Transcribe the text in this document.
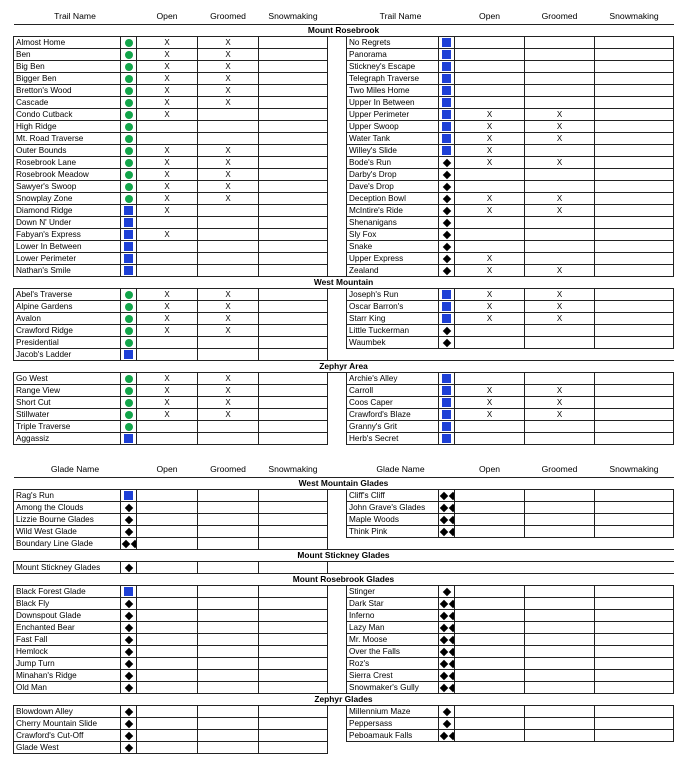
Trail Name		Open	Groomed	Snowmaking		Trail Name		Open	Groomed	Snowmaking
Mount Rosebrook										
Almost Home		X	X			No Regrets				
Ben		X	X			Panorama				
Big Ben		X	X			Stickney's Escape				
Bigger Ben		X	X			Telegraph Traverse				
Bretton's Wood		X	X			Two Miles Home				
Cascade		X	X			Upper In Between				
Condo Cutback		X				Upper Perimeter		X	X	
High Ridge						Upper Swoop		X	X	
Mt. Road Traverse						Water Tank		X	X	
Outer Bounds		X	X			Willey's Slide		X		
Rosebrook Lane		X	X			Bode's Run		X	X	
Rosebrook Meadow		X	X			Darby's Drop				
Sawyer's Swoop		X	X			Dave's Drop				
Snowplay Zone		X	X			Deception Bowl		X	X	
Diamond Ridge		X				McIntire's Ride		X	X	
Down N' Under						Shenanigans				
Fabyan's Express		X				Sly Fox				
Lower In Between						Snake				
Lower Perimeter						Upper Express		X		
Nathan's Smile						Zealand		X	X	
West Mountain										
Abel's Traverse		X	X			Joseph's Run		X	X	
Alpine Gardens		X	X			Oscar Barron's		X	X	
Avalon		X	X			Starr King		X	X	
Crawford Ridge		X	X			Little Tuckerman				
Presidential						Waumbek				
Jacob's Ladder										
Zephyr Area										
Go West		X	X			Archie's Alley				
Range View		X	X			Carroll		X	X	
Short Cut		X	X			Coos Caper		X	X	
Stillwater		X	X			Crawford's Blaze		X	X	
Triple Traverse						Granny's Grit				
Aggassiz						Herb's Secret				
Glade Name		Open	Groomed	Snowmaking		Glade Name		Open	Groomed	Snowmaking
West Mountain Glades										
Rag's Run						Cliff's Cliff				
Among the Clouds						John Grave's Glades				
Lizzie Bourne Glades						Maple Woods				
Wild West Glade						Think Pink				
Boundary Line Glade										
Mount Stickney Glades										
Mount Stickney Glades										
Mount Rosebrook Glades										
Black Forest Glade						Stinger				
Black Fly						Dark Star				
Downspout Glade						Inferno				
Enchanted Bear						Lazy Man				
Fast Fall						Mr. Moose				
Hemlock						Over the Falls				
Jump Turn						Roz's				
Minahan's Ridge						Sierra Crest				
Old Man						Snowmaker's Gully				
Zephyr Glades										
Blowdown Alley						Millennium Maze				
Cherry Mountain Slide						Peppersass				
Crawford's Cut-Off						Peboamauk Falls				
Glade West										
